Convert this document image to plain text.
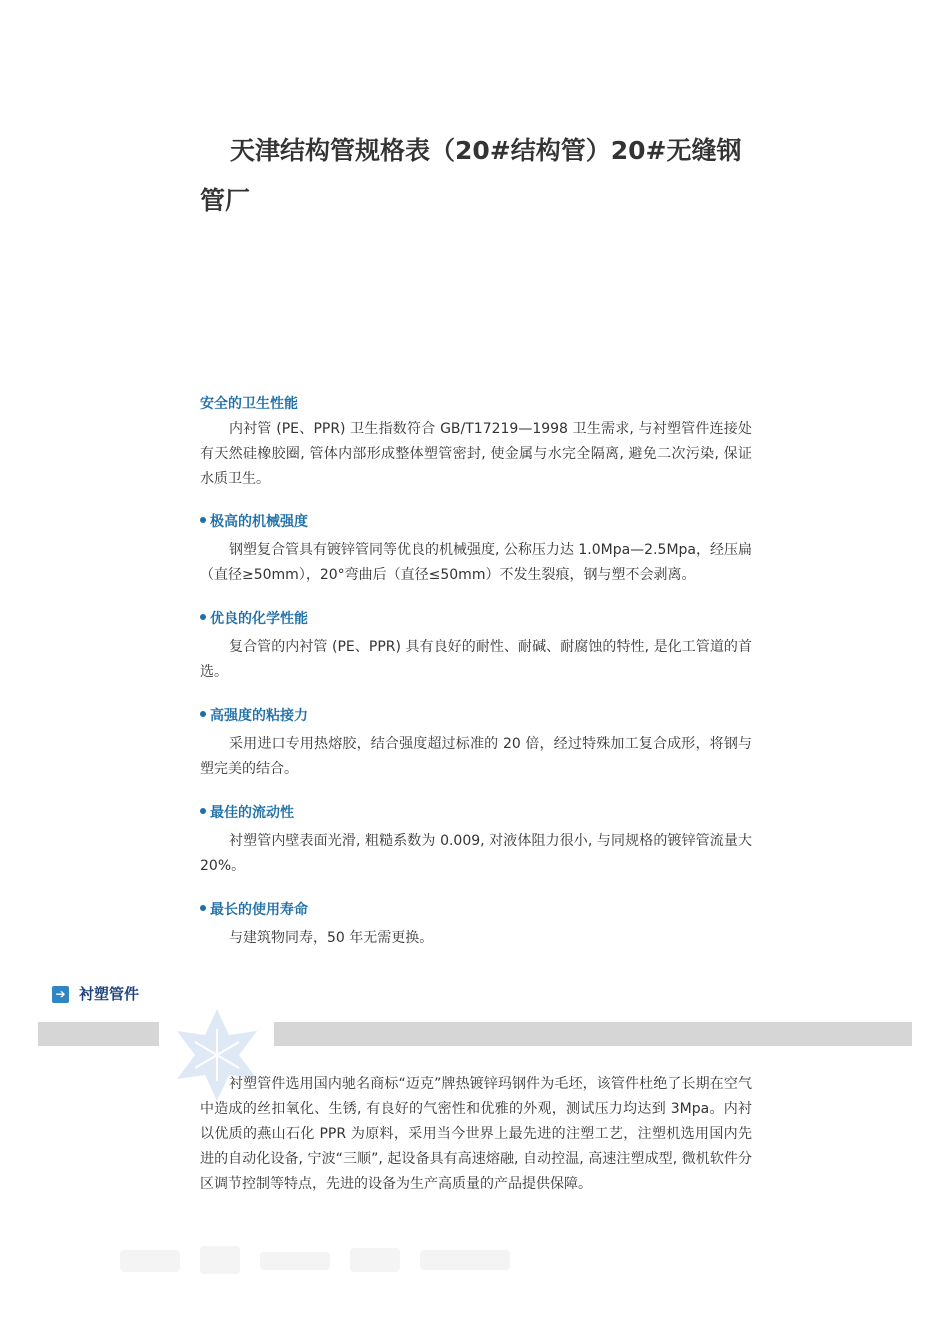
天津结构管规格表（20#结构管）20#无缝钢管厂

安全的卫生性能

内衬管 (PE、PPR) 卫生指数符合 GB/T17219—1998 卫生需求, 与衬塑管件连接处有天然硅橡胶圈, 管体内部形成整体塑管密封, 使金属与水完全隔离, 避免二次污染, 保证水质卫生。

极高的机械强度

钢塑复合管具有镀锌管同等优良的机械强度, 公称压力达 1.0Mpa—2.5Mpa，经压扁（直径≥50mm），20°弯曲后（直径≤50mm）不发生裂痕，钢与塑不会剥离。

优良的化学性能

复合管的内衬管 (PE、PPR) 具有良好的耐性、耐碱、耐腐蚀的特性, 是化工管道的首选。

高强度的粘接力

采用进口专用热熔胶，结合强度超过标准的 20 倍，经过特殊加工复合成形，将钢与塑完美的结合。

最佳的流动性

衬塑管内壁表面光滑, 粗糙系数为 0.009, 对液体阻力很小, 与同规格的镀锌管流量大 20%。

最长的使用寿命

与建筑物同寿，50 年无需更换。

➔ 衬塑管件

衬塑管件选用国内驰名商标“迈克”牌热镀锌玛钢件为毛坯，该管件杜绝了长期在空气中造成的丝扣氧化、生锈, 有良好的气密性和优雅的外观，测试压力均达到 3Mpa。内衬以优质的燕山石化 PPR 为原料，采用当今世界上最先进的注塑工艺，注塑机选用国内先进的自动化设备, 宁波“三顺”, 起设备具有高速熔融, 自动控温, 高速注塑成型, 微机软件分区调节控制等特点，先进的设备为生产高质量的产品提供保障。
